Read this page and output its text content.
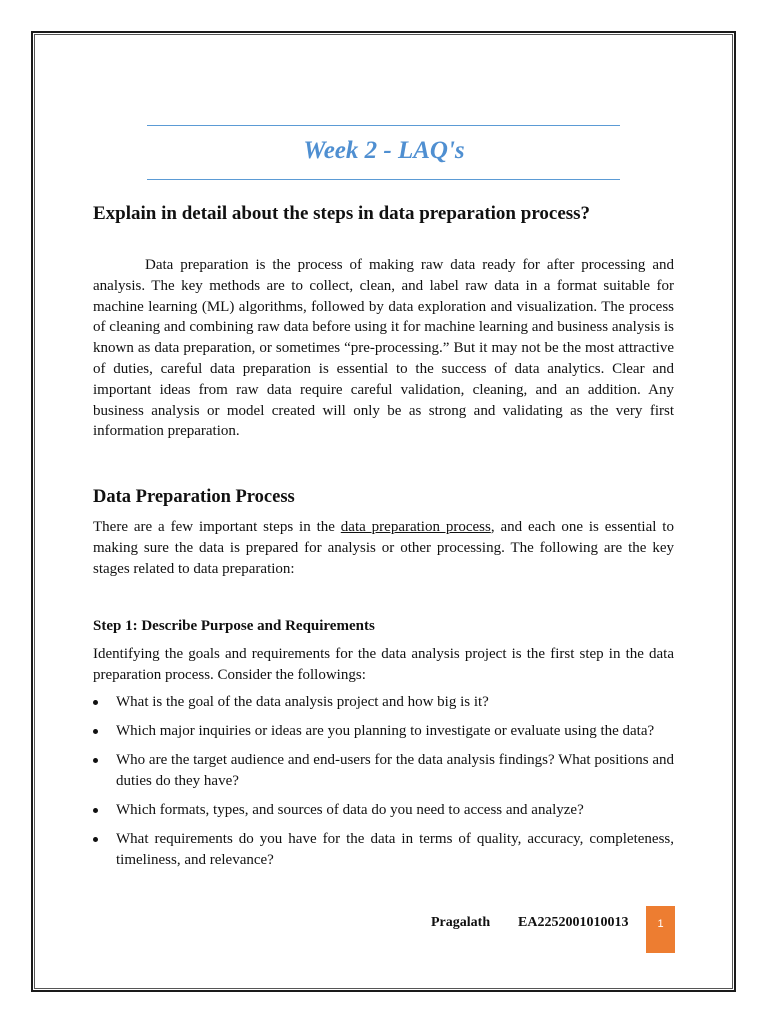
Week 2 - LAQ's
Explain in detail about the steps in data preparation process?

Data preparation is the process of making raw data ready for after processing and analysis. The key methods are to collect, clean, and label raw data in a format suitable for machine learning (ML) algorithms, followed by data exploration and visualization. The process of cleaning and combining raw data before using it for machine learning and business analysis is known as data preparation, or sometimes “pre-processing.” But it may not be the most attractive of duties, careful data preparation is essential to the success of data analytics. Clear and important ideas from raw data require careful validation, cleaning, and an addition. Any business analysis or model created will only be as strong and validating as the very first information preparation.

Data Preparation Process

There are a few important steps in the data preparation process, and each one is essential to making sure the data is prepared for analysis or other processing. The following are the key stages related to data preparation:

Step 1: Describe Purpose and Requirements

Identifying the goals and requirements for the data analysis project is the first step in the data preparation process. Consider the followings:

What is the goal of the data analysis project and how big is it?
Which major inquiries or ideas are you planning to investigate or evaluate using the data?
Who are the target audience and end-users for the data analysis findings? What positions and duties do they have?
Which formats, types, and sources of data do you need to access and analyze?
What requirements do you have for the data in terms of quality, accuracy, completeness, timeliness, and relevance?
Pragalath EA2252001010013	1
